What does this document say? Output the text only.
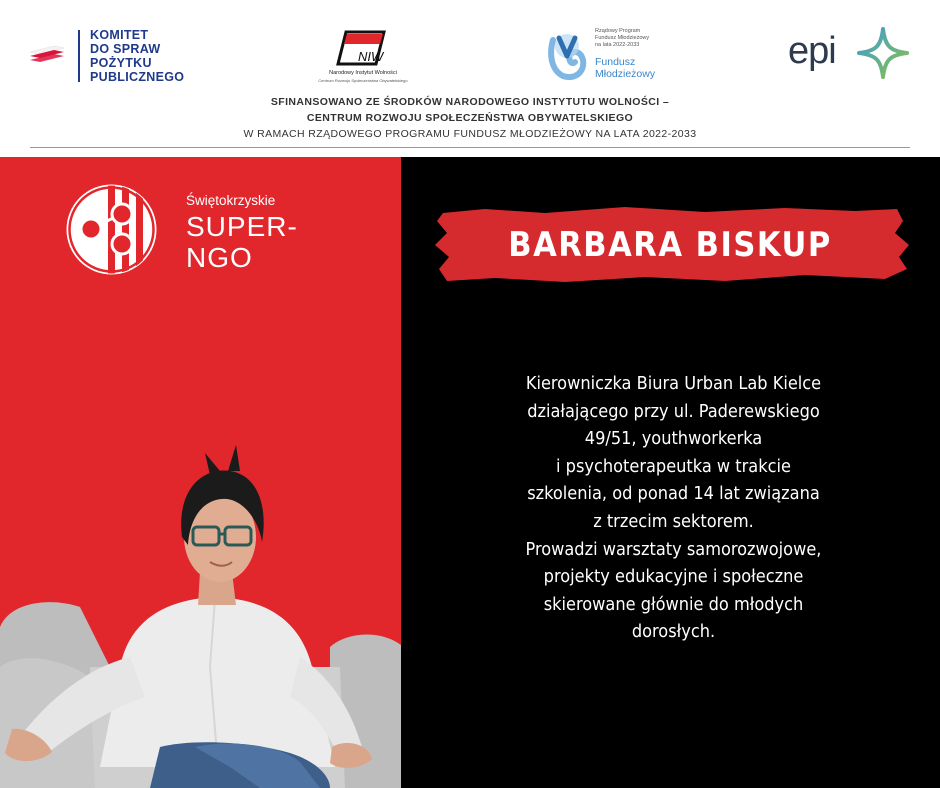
KOMITET
DO SPRAW
POŻYTKU
PUBLICZNEGO
NIW
Narodowy Instytut Wolności
Centrum Rozwoju Społeczeństwa Obywatelskiego
Rządowy Program
Fundusz Młodzieżowy
na lata 2022-2033
Fundusz
Młodzieżowy
epi
SFINANSOWANO ZE ŚRODKÓW NARODOWEGO INSTYTUTU WOLNOŚCI –
CENTRUM ROZWOJU SPOŁECZEŃSTWA OBYWATELSKIEGO
W RAMACH RZĄDOWEGO PROGRAMU FUNDUSZ MŁODZIEŻOWY NA LATA 2022-2033
Świętokrzyskie
SUPER-
NGO	BARBARA BISKUP
Kierowniczka Biura Urban Lab Kielce
działającego przy ul. Paderewskiego
49/51, youthworkerka
i psychoterapeutka w trakcie
szkolenia, od ponad 14 lat związana
z trzecim sektorem.
Prowadzi warsztaty samorozwojowe,
projekty edukacyjne i społeczne
skierowane głównie do młodych
dorosłych.
